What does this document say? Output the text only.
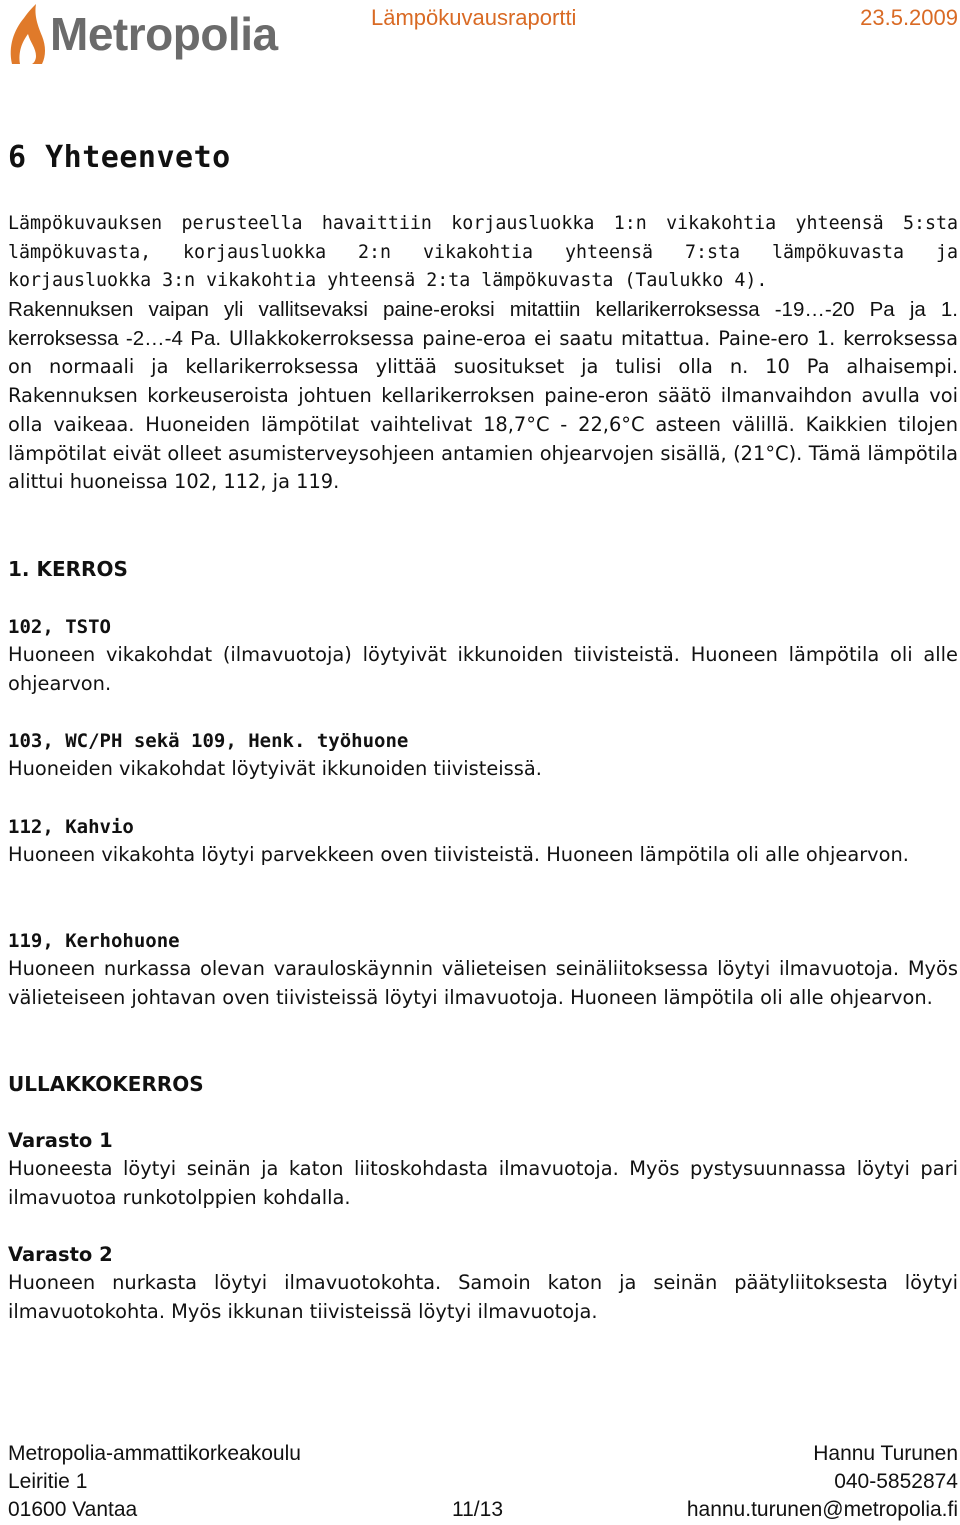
Metropolia	Lämpökuvausraportti	23.5.2009
6 Yhteenveto

Lämpökuvauksen perusteella havaittiin korjausluokka 1:n vikakohtia yhteensä 5:sta lämpökuvasta, korjausluokka 2:n vikakohtia yhteensä 7:sta lämpökuvasta ja korjausluokka 3:n vikakohtia yhteensä 2:ta lämpökuvasta (Taulukko 4).

Rakennuksen vaipan yli vallitsevaksi paine-eroksi mitattiin kellarikerroksessa -19…-20 Pa ja 1. kerroksessa -2…-4 Pa. Ullakkokerroksessa paine-eroa ei saatu mitattua. Paine-ero 1. kerroksessa on normaali ja kellarikerroksessa ylittää suositukset ja tulisi olla n. 10 Pa alhaisempi. Rakennuksen korkeuseroista johtuen kellarikerroksen paine-eron säätö ilmanvaihdon avulla voi olla vaikeaa. Huoneiden lämpötilat vaihtelivat 18,7°C - 22,6°C asteen välillä. Kaikkien tilojen lämpötilat eivät olleet asumisterveysohjeen antamien ohjearvojen sisällä, (21°C). Tämä lämpötila alittui huoneissa 102, 112, ja 119.

1. KERROS
102, TSTO

Huoneen vikakohdat (ilmavuotoja) löytyivät ikkunoiden tiivisteistä. Huoneen lämpötila oli alle ohjearvon.

103, WC/PH sekä 109, Henk. työhuone

Huoneiden vikakohdat löytyivät ikkunoiden tiivisteissä.

112, Kahvio

Huoneen vikakohta löytyi parvekkeen oven tiivisteistä. Huoneen lämpötila oli alle ohjearvon.

119, Kerhohuone

Huoneen nurkassa olevan varauloskäynnin välieteisen seinäliitoksessa löytyi ilmavuotoja. Myös välieteiseen johtavan oven tiivisteissä löytyi ilmavuotoja. Huoneen lämpötila oli alle ohjearvon.

ULLAKKOKERROS
Varasto 1

Huoneesta löytyi seinän ja katon liitoskohdasta ilmavuotoja. Myös pystysuunnassa löytyi pari ilmavuotoa runkotolppien kohdalla.

Varasto 2

Huoneen nurkasta löytyi ilmavuotokohta. Samoin katon ja seinän päätyliitoksesta löytyi ilmavuotokohta. Myös ikkunan tiivisteissä löytyi ilmavuotoja.

Metropolia-ammattikorkeakoulu
Leiritie 1
01600 Vantaa	11/13
Hannu Turunen
040-5852874
hannu.turunen@metropolia.fi
